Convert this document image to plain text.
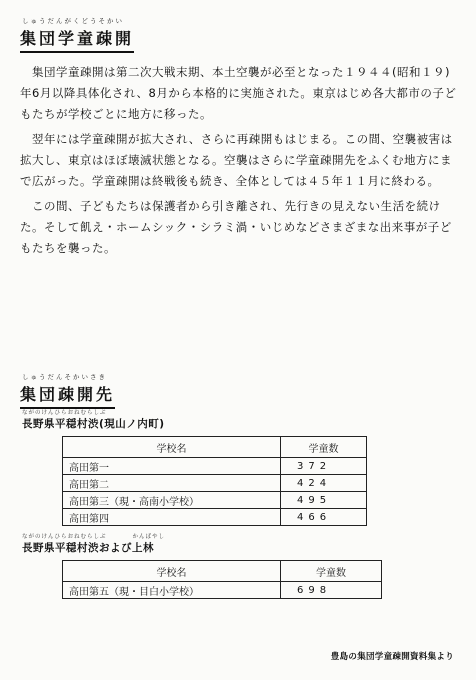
しゅうだんがくどうそかい
集団学童疎開

　集団学童疎開は第二次大戦末期、本土空襲が必至となった１９４４(昭和１９)年6月以降具体化され、8月から本格的に実施された。東京はじめ各大都市の子どもたちが学校ごとに地方に移った。

　翌年には学童疎開が拡大され、さらに再疎開もはじまる。この間、空襲被害は拡大し、東京はほぼ壊滅状態となる。空襲はさらに学童疎開先をふくむ地方にまで広がった。学童疎開は終戦後も続き、全体としては４５年１１月に終わる。

　この間、子どもたちは保護者から引き離され、先行きの見えない生活を続けた。そして飢え・ホームシック・シラミ渦・いじめなどさまざまな出来事が子どもたちを襲った。

しゅうだんそかいさき
集団疎開先
ながのけんひらおねむらしぶ
長野県平穏村渋(現山ノ内町)
学校名	学童数
高田第一	372
高田第二	424
高田第三（現・高南小学校）	495
高田第四	466
ながのけんひらおねむらしぶ　　　　かんばやし
長野県平穏村渋および上林
学校名	学童数
高田第五（現・目白小学校）	698
豊島の集団学童疎開資料集より
